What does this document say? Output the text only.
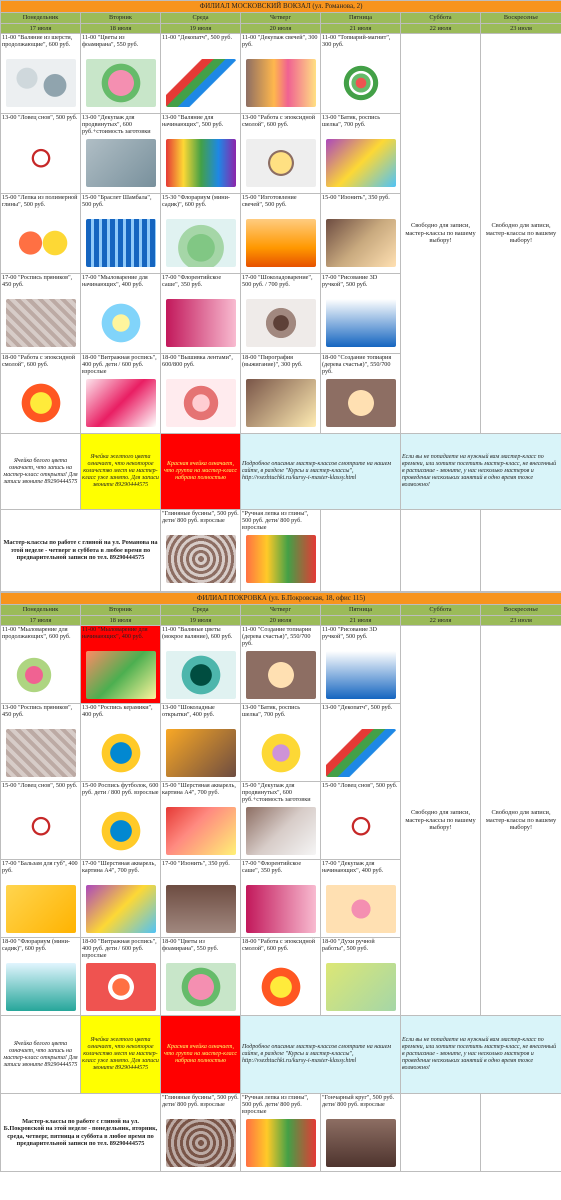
ФИЛИАЛ МОСКОВСКИЙ ВОКЗАЛ (ул. Романова, 2)						
Понедельник	Вторник	Среда	Четверг	Пятница	Суббота	Воскресенье
17 июля	18 июля	19 июля	20 июля	21 июля	22 июля	23 июля

11-00 "Валяние из шерсти, продолжающие", 600 руб.	11-00 "Цветы из фоамирана", 550 руб.	11-00 "Декопатч", 500 руб.	11-00 "Декупаж свечей", 300 руб.	11-00 "Топиарий-магнит", 300 руб.	Свободно для записи, мастер-классы по вашему выбору!	Свободно для записи, мастер-классы по вашему выбору!

13-00 "Ловец снов", 500 руб.	13-00 "Декупаж для продвинутых", 600 руб.+стоимость заготовки	13-00 "Валяние для начинающих", 500 руб.	13-00 "Работа с эпоксидной смолой", 600 руб.	13-00 "Батик, роспись шелка", 700 руб.		

15-00 "Лепка из полимерной глины", 500 руб.	15-00 "Браслет Шамбала", 500 руб.	15-30 "Флорариум (мини-садик)", 600 руб.	15-00 "Изготовление свечей", 500 руб.	15-00 "Изонить", 350 руб.		

17-00 "Роспись пряников", 450 руб.	17-00 "Мыловарение для начинающих", 400 руб.	17-00 "Флорентийское саше", 350 руб.	17-00 "Шоколадоварение", 500 руб. / 700 руб.	17-00 "Рисование 3D ручкой", 500 руб.		

18-00 "Работа с эпоксидной смолой", 600 руб.	18-00 "Витражная роспись", 400 руб. дети / 600 руб. взрослые	18-00 "Вышивка лентами", 600/800 руб.	18-00 "Пирография (выжигание)", 300 руб.	18-00 "Создание топиария (дерева счастья)", 550/700 руб.		

Ячейка белого цвета означает, что запись на мастер-класс открыта! Для записи звоните 89290444575	Ячейка желтого цвета означает, что некоторое количество мест на мастер-класс уже занято. Для записи звоните 89290444575	Красная ячейка означает, что группа на мастер-класс набрана полностью	Подробное описание мастер-классов смотрите на нашем сайте, в разделе "Курсы и мастер-классы", http://vsezhtuchki.ru/kursy-i-master-klassy.html		Если вы не попадаете на нужный вам мастер-класс по времени, или хотите посетить мастер-класс, не внесенный в расписание - звоните, у нас несколько мастеров и проведение нескольких занятий в одно время тоже возможно!	
Мастер-классы по работе с глиной на ул. Романова на этой неделе - четверг и суббота в любое время по предварительной записи по тел. 89290444575		"Глиняные бусины", 500 руб. дети/ 800 руб. взрослые	"Ручная лепка из глины", 500 руб. дети/ 800 руб. взрослые			

ФИЛИАЛ ПОКРОВКА (ул. Б.Покровская, 18, офис 115)						
Понедельник	Вторник	Среда	Четверг	Пятница	Суббота	Воскресенье
17 июля	18 июля	19 июля	20 июля	21 июля	22 июля	23 июля

11-00 "Мыловарение для продолжающих", 600 руб.	11-00 "Мыловарение для начинающих", 400 руб.	11-00 "Валяные цветы (мокрое валяние), 600 руб.	11-00 "Создание топиария (дерева счастья)", 550/700 руб.	11-00 "Рисование 3D ручкой", 500 руб.	Свободно для записи, мастер-классы по вашему выбору!	Свободно для записи, мастер-классы по вашему выбору!

13-00 "Роспись пряников", 450 руб.	13-00 "Роспись керамики", 400 руб.	13-00 "Шоколадные открытки", 400 руб.	13-00 "Батик, роспись шелка", 700 руб.	13-00 "Декопатч", 500 руб.		

15-00 "Ловец снов", 500 руб.	15-00 Роспись футболок, 600 руб. дети / 800 руб. взрослые	15-00 "Шерстяная акварель, картина А4", 700 руб.	15-00 "Декупаж для продвинутых", 600 руб.+стоимость заготовки	15-00 "Ловец снов", 500 руб.		

17-00 "Бальзам для губ", 400 руб.	17-00 "Шерстяная акварель, картина А4", 700 руб.	17-00 "Изонить", 350 руб.	17-00 "Флорентийское саше", 350 руб.	17-00 "Декупаж для начинающих", 400 руб.		

18-00 "Флорариум (мини-садик)", 600 руб.	18-00 "Витражная роспись", 400 руб. дети / 600 руб. взрослые	18-00 "Цветы из фоамирана", 550 руб.	18-00 "Работа с эпоксидной смолой", 600 руб.	18-00 "Духи ручной работы", 500 руб.		

Ячейка белого цвета означает, что запись на мастер-класс открыта! Для записи звоните 89290444575	Ячейка желтого цвета означает, что некоторое количество мест на мастер-класс уже занято. Для записи звоните 89290444575	Красная ячейка означает, что группа на мастер-класс набрана полностью	Подробное описание мастер-классов смотрите на нашем сайте, в разделе "Курсы и мастер-классы", http://vsezhtuchki.ru/kursy-i-master-klassy.html		Если вы не попадаете на нужный вам мастер-класс по времени, или хотите посетить мастер-класс, не внесенный в расписание - звоните, у нас несколько мастеров и проведение нескольких занятий в одно время тоже возможно!	
Мастер-классы по работе с глиной на ул. Б.Покровской на этой неделе - понедельник, вторник, среда, четверг, пятница и суббота в любое время по предварительной записи по тел. 89290444575		"Глиняные бусины", 500 руб. дети/ 800 руб. взрослые	"Ручная лепка из глины", 500 руб. дети/ 800 руб. взрослые	"Гончарный круг", 500 руб. дети/ 800 руб. взрослые		
